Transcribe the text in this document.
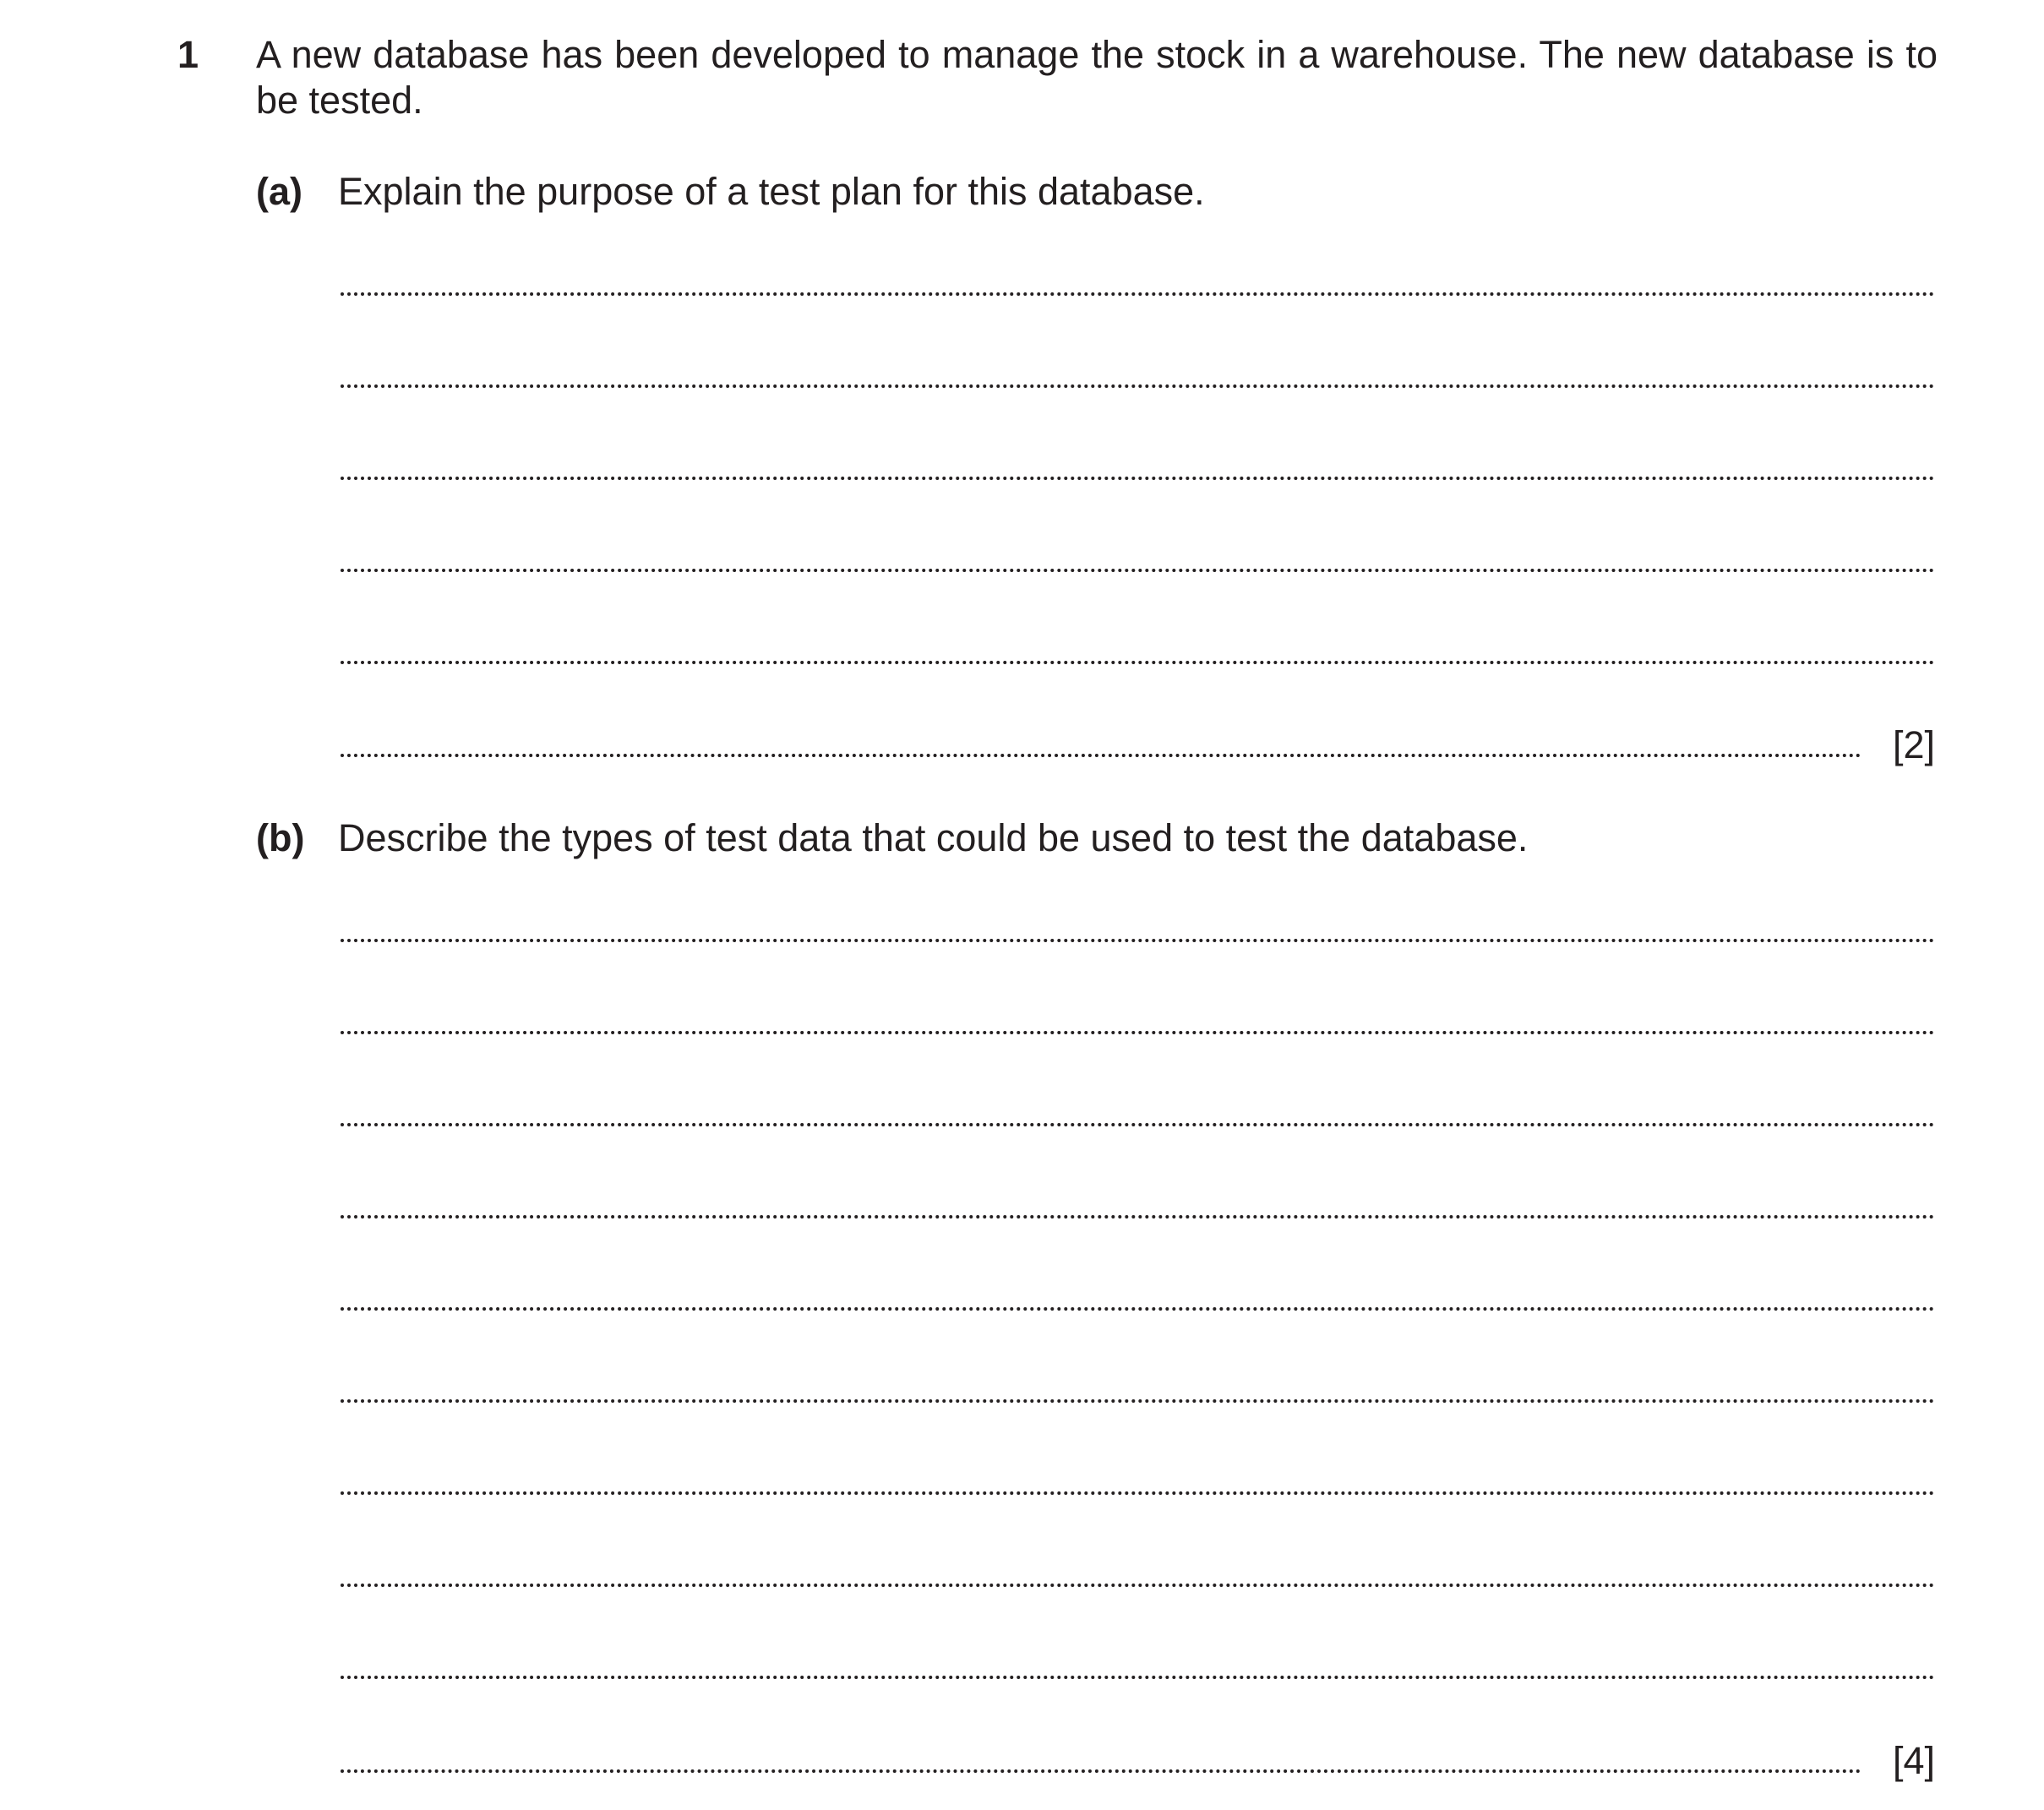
1 A new database has been developed to manage the stock in a warehouse. The new database is to be tested.
(a) Explain the purpose of a test plan for this database.
[2]
(b) Describe the types of test data that could be used to test the database.
[4]
